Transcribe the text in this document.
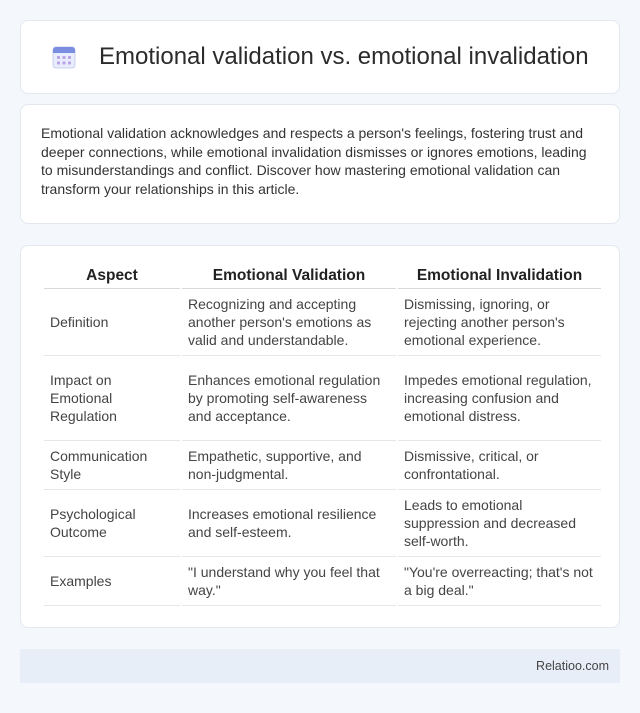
Emotional validation vs. emotional invalidation

Emotional validation acknowledges and respects a person's feelings, fostering trust and deeper connections, while emotional invalidation dismisses or ignores emotions, leading to misunderstandings and conflict. Discover how mastering emotional validation can transform your relationships in this article.

Aspect	Emotional Validation	Emotional Invalidation
Definition	Recognizing and accepting another person's emotions as valid and understandable.	Dismissing, ignoring, or rejecting another person's emotional experience.
Impact on Emotional Regulation	Enhances emotional regulation by promoting self-awareness and acceptance.	Impedes emotional regulation, increasing confusion and emotional distress.
Communication Style	Empathetic, supportive, and non-judgmental.	Dismissive, critical, or confrontational.
Psychological Outcome	Increases emotional resilience and self-esteem.	Leads to emotional suppression and decreased self-worth.
Examples	"I understand why you feel that way."	"You're overreacting; that's not a big deal."
Relatioo.com
